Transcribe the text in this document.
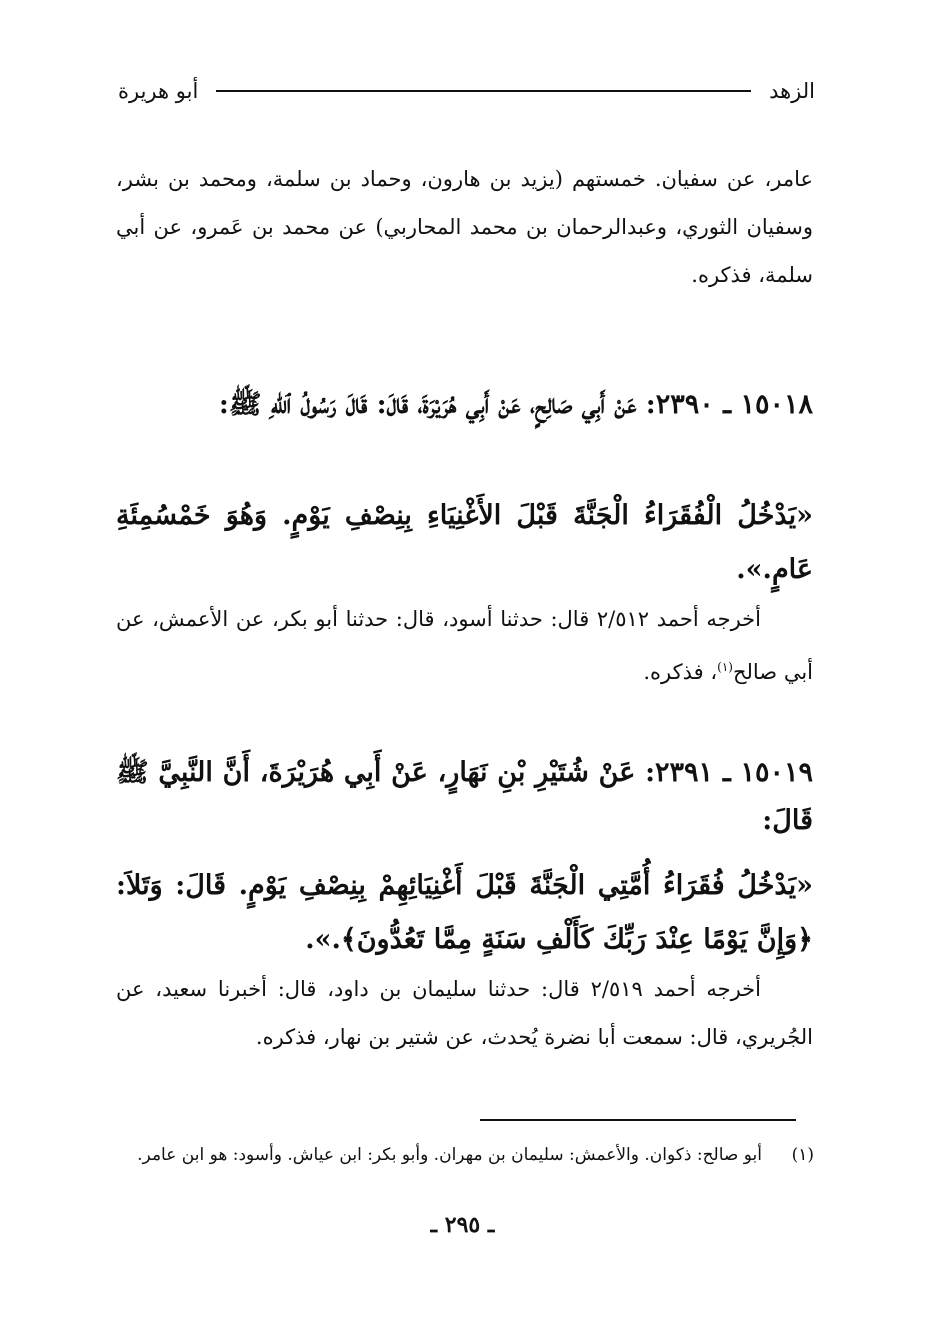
الزهد
أبو هريرة

عامر، عن سفيان. خمستهم (يزيد بن هارون، وحماد بن سلمة، ومحمد بن بشر، وسفيان الثوري، وعبدالرحمان بن محمد المحاربي) عن محمد بن عَمرو، عن أبي سلمة، فذكره.

١٥٠١٨ ـ ٢٣٩٠: عَنْ أَبِي صَالِحٍ، عَنْ أَبِي هُرَيْرَةَ، قَالَ: قَالَ رَسُولُ ٱللهِ ﷺ:

«يَدْخُلُ الْفُقَرَاءُ الْجَنَّةَ قَبْلَ الأَغْنِيَاءِ بِنِصْفِ يَوْمٍ. وَهُوَ خَمْسُمِئَةِ عَامٍ.».

أخرجه أحمد ٢/٥١٢ قال: حدثنا أسود، قال: حدثنا أبو بكر، عن الأعمش، عن أبي صالح$^{(١)}$، فذكره.

١٥٠١٩ ـ ٢٣٩١: عَنْ شُتَيْرِ بْنِ نَهَارٍ، عَنْ أَبِي هُرَيْرَةَ، أَنَّ النَّبِيَّ ﷺ قَالَ:

«يَدْخُلُ فُقَرَاءُ أُمَّتِي الْجَنَّةَ قَبْلَ أَغْنِيَائِهِمْ بِنِصْفِ يَوْمٍ. قَالَ: وَتَلاَ: ﴿وَإِنَّ يَوْمًا عِنْدَ رَبِّكَ كَأَلْفِ سَنَةٍ مِمَّا تَعُدُّونَ﴾.».

أخرجه أحمد ٢/٥١٩ قال: حدثنا سليمان بن داود، قال: أخبرنا سعيد، عن الجُريري، قال: سمعت أبا نضرة يُحدث، عن شتير بن نهار، فذكره.

(١)
أبو صالح: ذكوان. والأعمش: سليمان بن مهران. وأبو بكر: ابن عياش. وأسود: هو ابن عامر.
ـ ٢٩٥ ـ
